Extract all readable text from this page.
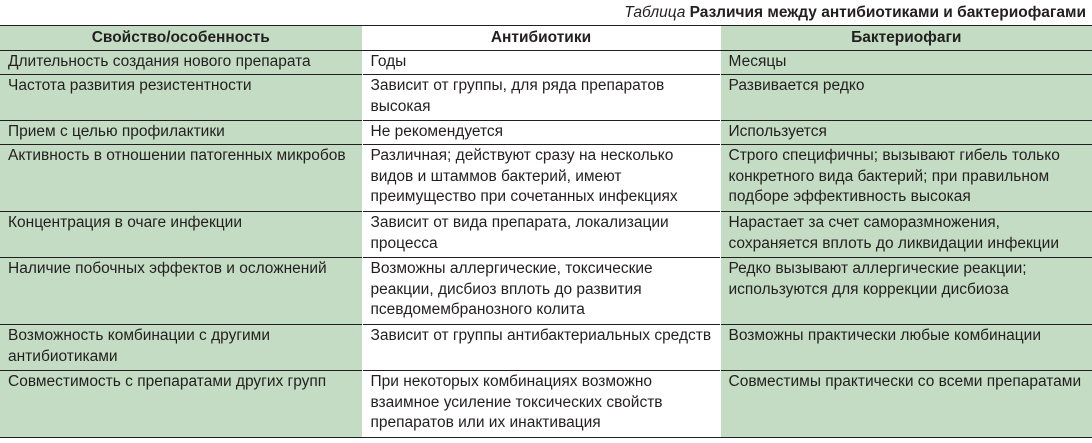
Таблица Различия между антибиотиками и бактериофагами
Свойство/особенность	Антибиотики	Бактериофаги
Длительность создания нового препарата	Годы	Месяцы
Частота развития резистентности	Зависит от группы, для ряда препаратов высокая	Развивается редко
Прием с целью профилактики	Не рекомендуется	Используется
Активность в отношении патогенных микробов	Различная; действуют сразу на несколько видов и штаммов бактерий, имеют преимущество при сочетанных инфекциях	Строго специфичны; вызывают гибель только конкретного вида бактерий; при правильном подборе эффективность высокая
Концентрация в очаге инфекции	Зависит от вида препарата, локализации процесса	Нарастает за счет саморазмножения, сохраняется вплоть до ликвидации инфекции
Наличие побочных эффектов и осложнений	Возможны аллергические, токсические реакции, дисбиоз вплоть до развития псевдомембранозного колита	Редко вызывают аллергические реакции; используются для коррекции дисбиоза
Возможность комбинации с другими антибиотиками	Зависит от группы антибактериальных средств	Возможны практически любые комбинации
Совместимость с препаратами других групп	При некоторых комбинациях возможно взаимное усиление токсических свойств препаратов или их инактивация	Совместимы практически со всеми препаратами
